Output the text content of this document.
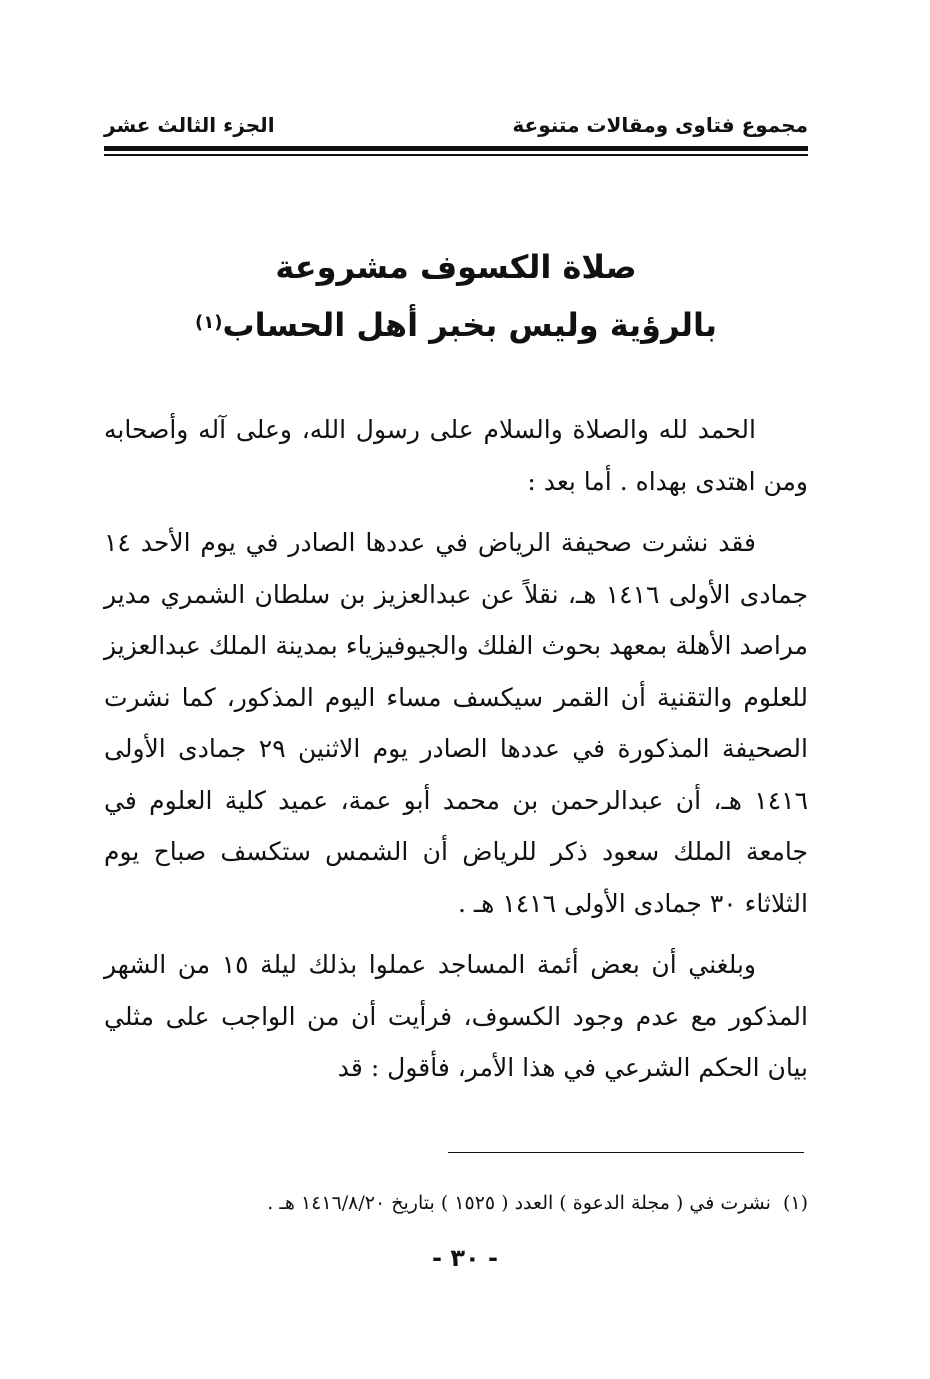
مجموع فتاوى ومقالات متنوعة
الجزء الثالث عشر
صلاة الكسوف مشروعة
بالرؤية وليس بخبر أهل الحساب$^{(١)}$

الحمد لله والصلاة والسلام على رسول الله، وعلى آله وأصحابه ومن اهتدى بهداه . أما بعد :

فقد نشرت صحيفة الرياض في عددها الصادر في يوم الأحد ١٤ جمادى الأولى ١٤١٦ هـ، نقلاً عن عبدالعزيز بن سلطان الشمري مدير مراصد الأهلة بمعهد بحوث الفلك والجيوفيزياء بمدينة الملك عبدالعزيز للعلوم والتقنية أن القمر سيكسف مساء اليوم المذكور، كما نشرت الصحيفة المذكورة في عددها الصادر يوم الاثنين ٢٩ جمادى الأولى ١٤١٦ هـ، أن عبدالرحمن بن محمد أبو عمة، عميد كلية العلوم في جامعة الملك سعود ذكر للرياض أن الشمس ستكسف صباح يوم الثلاثاء ٣٠ جمادى الأولى ١٤١٦ هـ .

وبلغني أن بعض أئمة المساجد عملوا بذلك ليلة ١٥ من الشهر المذكور مع عدم وجود الكسوف، فرأيت أن من الواجب على مثلي بيان الحكم الشرعي في هذا الأمر، فأقول : قد

(١)نشرت في ( مجلة الدعوة ) العدد ( ١٥٢٥ ) بتاريخ ١٤١٦/٨/٢٠ هـ .
- ٣٠ -
